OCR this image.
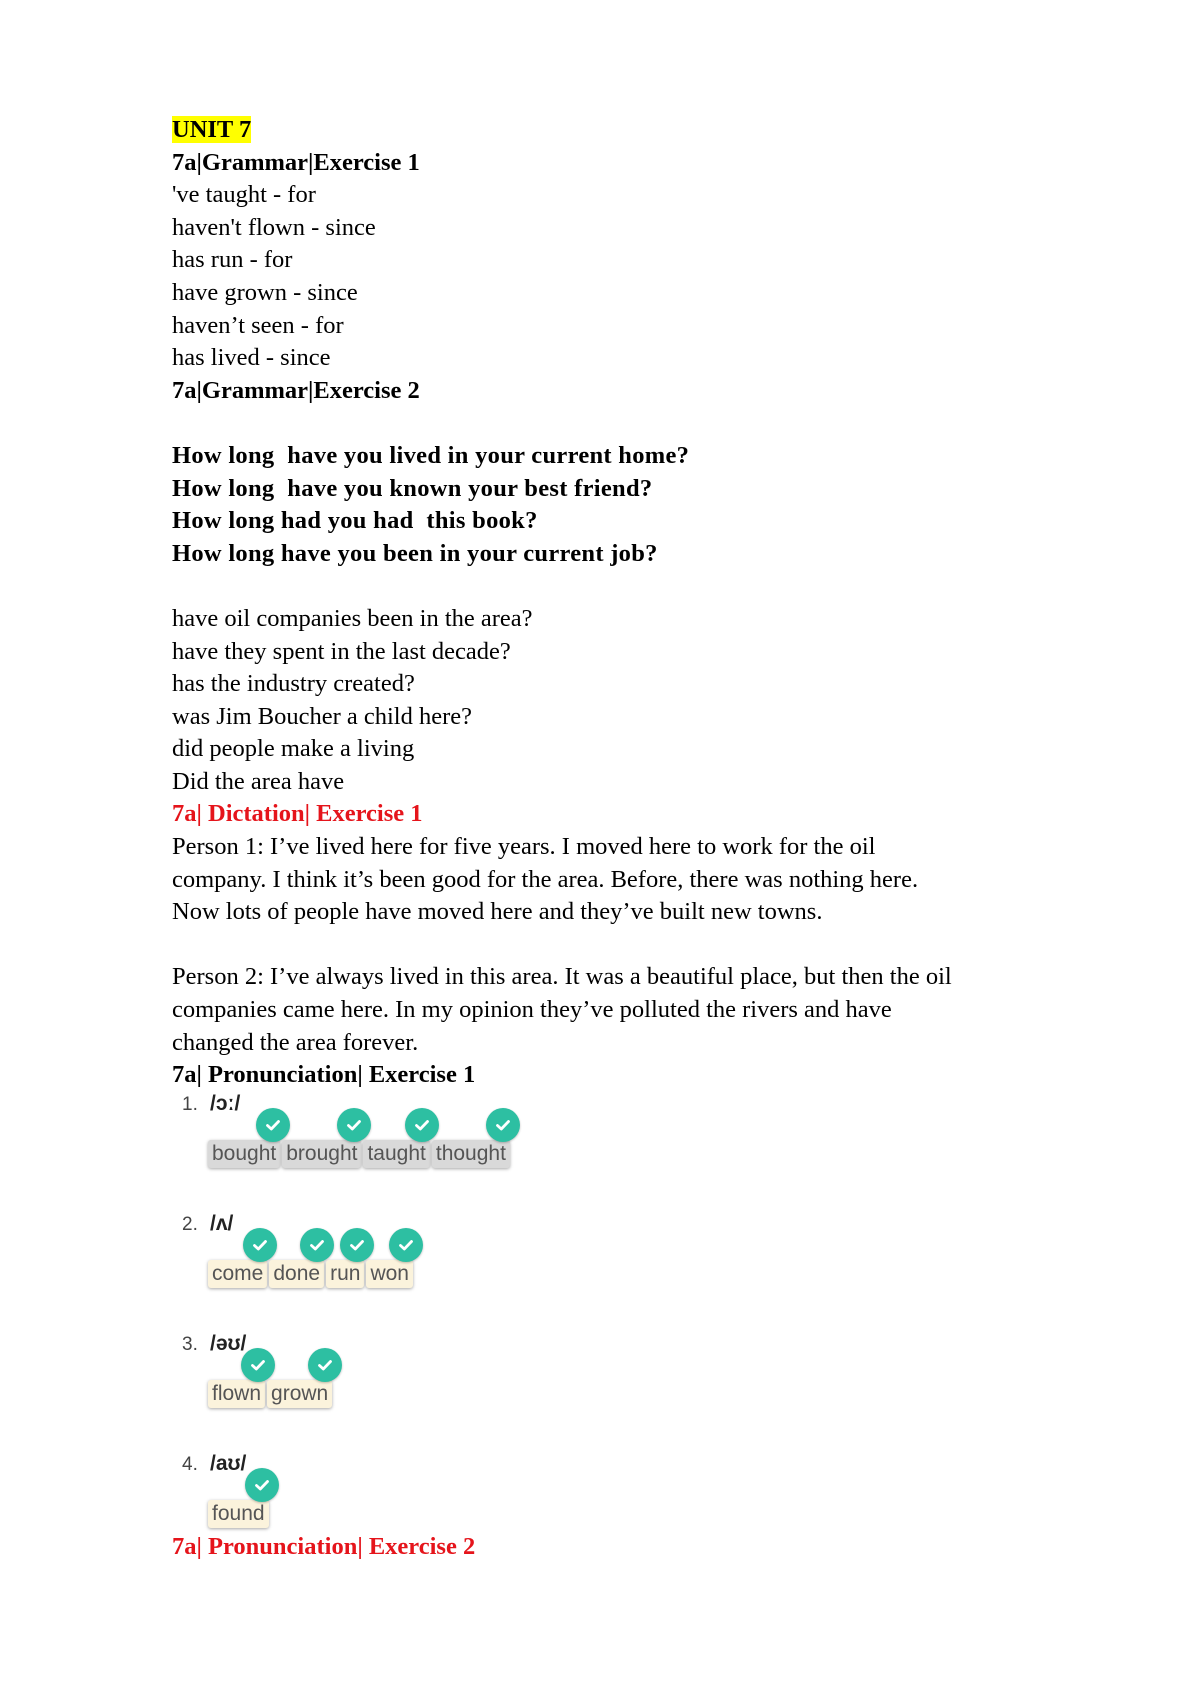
UNIT 7
7a|Grammar|Exercise 1
've taught - for
haven't flown - since
has run - for
have grown - since
haven’t seen - for
has lived - since
7a|Grammar|Exercise 2
How long  have you lived in your current home?
How long  have you known your best friend?
How long had you had  this book?
How long have you been in your current job?
have oil companies been in the area?
have they spent in the last decade?
has the industry created?
was Jim Boucher a child here?
did people make a living
Did the area have
7a| Dictation| Exercise 1
Person 1: I’ve lived here for five years. I moved here to work for the oil
company. I think it’s been good for the area. Before, there was nothing here.
Now lots of people have moved here and they’ve built new towns.
Person 2: I’ve always lived in this area. It was a beautiful place, but then the oil
companies came here. In my opinion they’ve polluted the rivers and have
changed the area forever.
7a| Pronunciation| Exercise 1
1. /ɔː/
bought brought taught thought
2. /ʌ/
come done run won
3. /əʊ/
flown grown
4. /aʊ/
found
7a| Pronunciation| Exercise 2
